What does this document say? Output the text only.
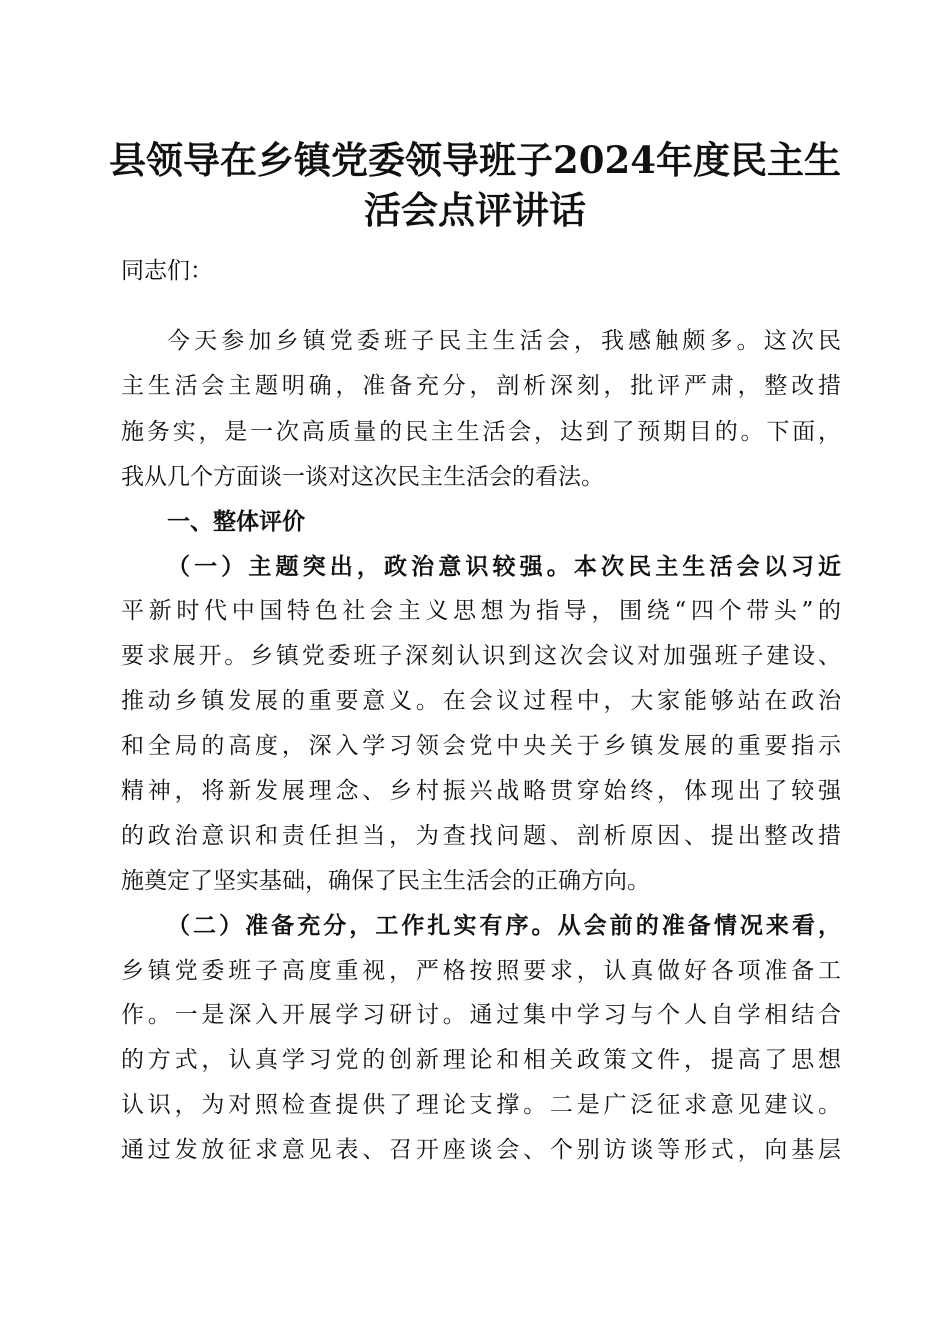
县领导在乡镇党委领导班子2024年度民主生
活会点评讲话
同志们：
今天参加乡镇党委班子民主生活会，我感触颇多。这次民
主生活会主题明确，准备充分，剖析深刻，批评严肃，整改措
施务实，是一次高质量的民主生活会，达到了预期目的。下面，
我从几个方面谈一谈对这次民主生活会的看法。
一、整体评价
（一）主题突出，政治意识较强。本次民主生活会以习近
平新时代中国特色社会主义思想为指导，围绕“四个带头”的
要求展开。乡镇党委班子深刻认识到这次会议对加强班子建设、
推动乡镇发展的重要意义。在会议过程中，大家能够站在政治
和全局的高度，深入学习领会党中央关于乡镇发展的重要指示
精神，将新发展理念、乡村振兴战略贯穿始终，体现出了较强
的政治意识和责任担当，为查找问题、剖析原因、提出整改措
施奠定了坚实基础，确保了民主生活会的正确方向。
（二）准备充分，工作扎实有序。从会前的准备情况来看，
乡镇党委班子高度重视，严格按照要求，认真做好各项准备工
作。一是深入开展学习研讨。通过集中学习与个人自学相结合
的方式，认真学习党的创新理论和相关政策文件，提高了思想
认识，为对照检查提供了理论支撑。二是广泛征求意见建议。
通过发放征求意见表、召开座谈会、个别访谈等形式，向基层
